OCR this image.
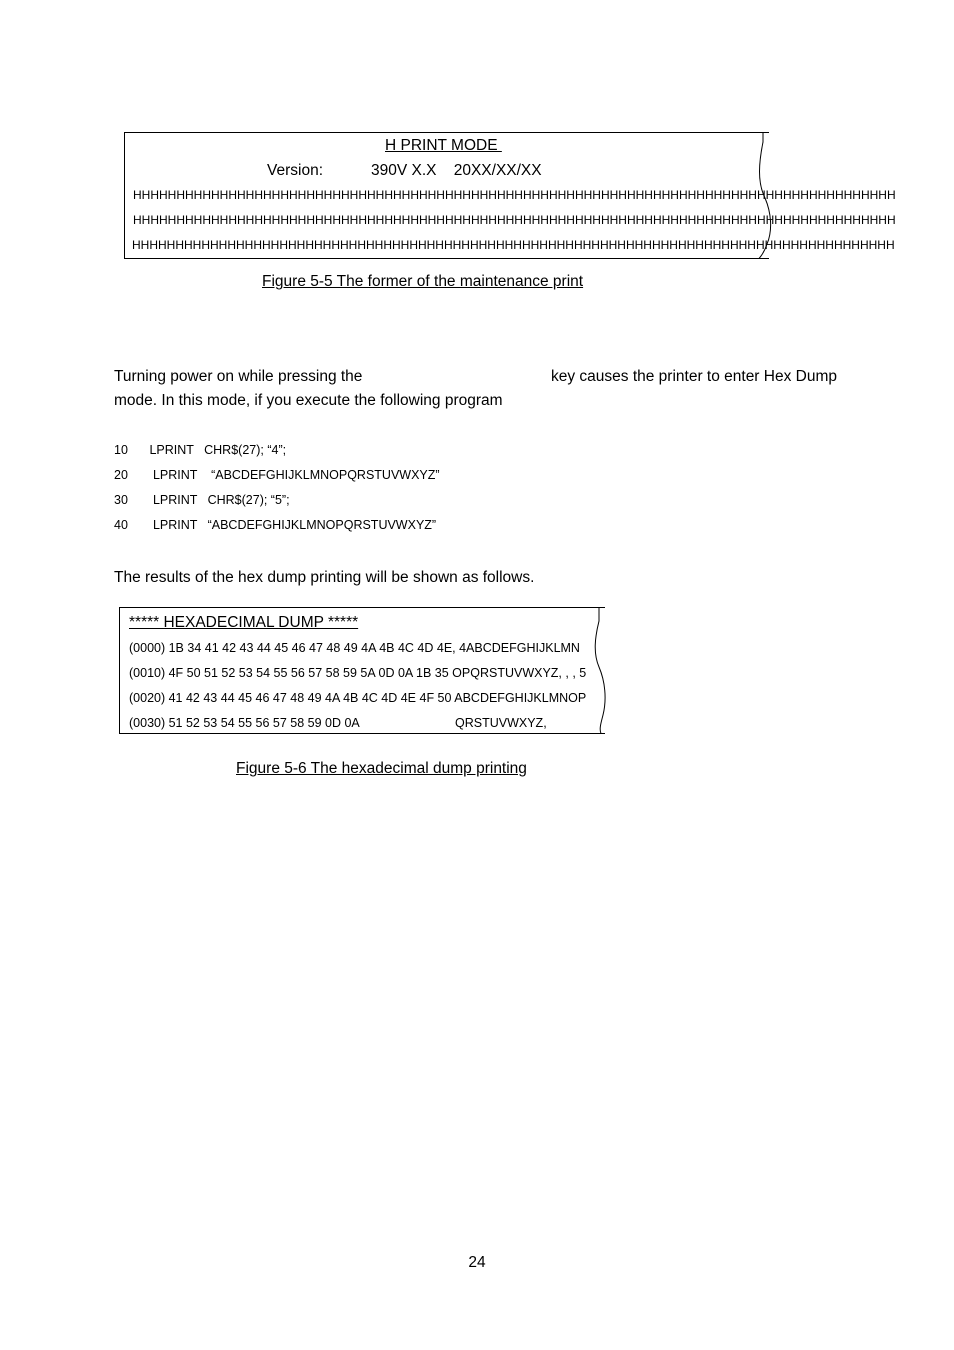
H PRINT MODE
Version:	390V X.X    20XX/XX/XX
HHHHHHHHHHHHHHHHHHHHHHHHHHHHHHHHHHHHHHHHHHHHHHHHHHHHHHHHHHHHHHHHHHHHHHHHHHHHHHHHHHHHHHHH
HHHHHHHHHHHHHHHHHHHHHHHHHHHHHHHHHHHHHHHHHHHHHHHHHHHHHHHHHHHHHHHHHHHHHHHHHHHHHHHHHHHHHHHH
HHHHHHHHHHHHHHHHHHHHHHHHHHHHHHHHHHHHHHHHHHHHHHHHHHHHHHHHHHHHHHHHHHHHHHHHHHHHHHHHHHHHHHHH
Figure 5-5 The former of the maintenance print
Turning power on while pressing the	key causes the printer to enter Hex Dump
mode. In this mode, if you execute the following program
10 LPRINT   CHR$(27); “4”;
20  LPRINT    “ABCDEFGHIJKLMNOPQRSTUVWXYZ”
30  LPRINT   CHR$(27); “5”;
40  LPRINT   “ABCDEFGHIJKLMNOPQRSTUVWXYZ”
The results of the hex dump printing will be shown as follows.
***** HEXADECIMAL DUMP *****
(0000) 1B 34 41 42 43 44 45 46 47 48 49 4A 4B 4C 4D 4E, 4ABCDEFGHIJKLMN
(0010) 4F 50 51 52 53 54 55 56 57 58 59 5A 0D 0A 1B 35 OPQRSTUVWXYZ, , , 5
(0020) 41 42 43 44 45 46 47 48 49 4A 4B 4C 4D 4E 4F 50 ABCDEFGHIJKLMNOP
(0030) 51 52 53 54 55 56 57 58 59 0D 0A	QRSTUVWXYZ,
Figure 5-6 The hexadecimal dump printing
24
